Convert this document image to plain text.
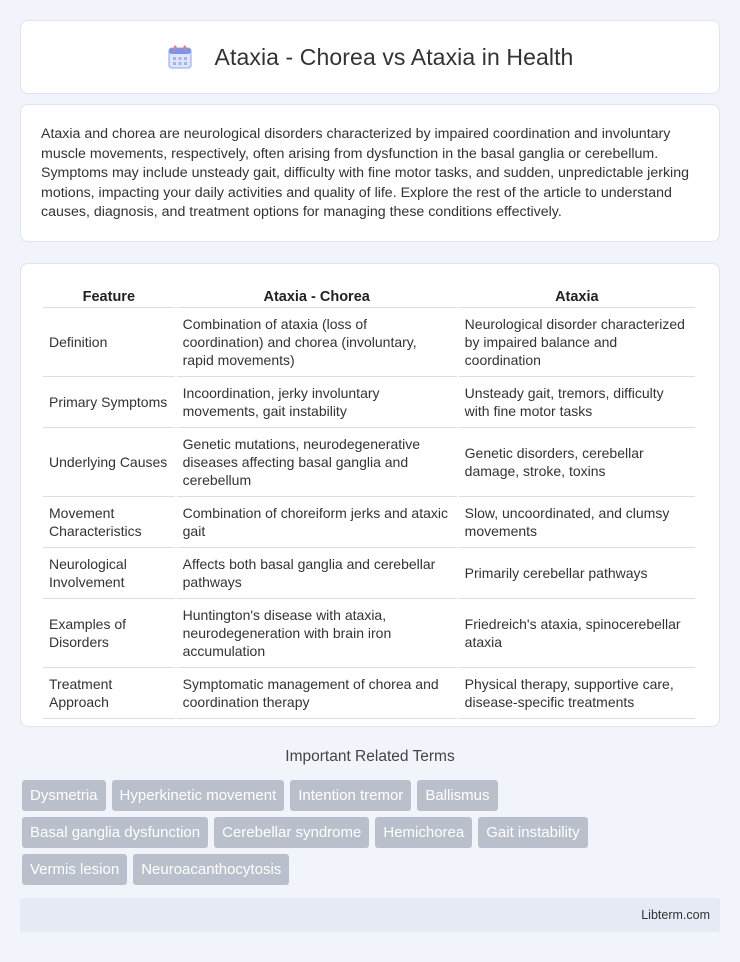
Ataxia - Chorea vs Ataxia in Health

Ataxia and chorea are neurological disorders characterized by impaired coordination and involuntary muscle movements, respectively, often arising from dysfunction in the basal ganglia or cerebellum. Symptoms may include unsteady gait, difficulty with fine motor tasks, and sudden, unpredictable jerking motions, impacting your daily activities and quality of life. Explore the rest of the article to understand causes, diagnosis, and treatment options for managing these conditions effectively.

Feature	Ataxia - Chorea	Ataxia
Definition	Combination of ataxia (loss of coordination) and chorea (involuntary, rapid movements)	Neurological disorder characterized by impaired balance and coordination
Primary Symptoms	Incoordination, jerky involuntary movements, gait instability	Unsteady gait, tremors, difficulty with fine motor tasks
Underlying Causes	Genetic mutations, neurodegenerative diseases affecting basal ganglia and cerebellum	Genetic disorders, cerebellar damage, stroke, toxins
Movement Characteristics	Combination of choreiform jerks and ataxic gait	Slow, uncoordinated, and clumsy movements
Neurological Involvement	Affects both basal ganglia and cerebellar pathways	Primarily cerebellar pathways
Examples of Disorders	Huntington's disease with ataxia, neurodegeneration with brain iron accumulation	Friedreich's ataxia, spinocerebellar ataxia
Treatment Approach	Symptomatic management of chorea and coordination therapy	Physical therapy, supportive care, disease-specific treatments
Important Related Terms
Dysmetria	Hyperkinetic movement	Intention tremor	Ballismus
Basal ganglia dysfunction	Cerebellar syndrome	Hemichorea	Gait instability
Vermis lesion	Neuroacanthocytosis
Libterm.com
